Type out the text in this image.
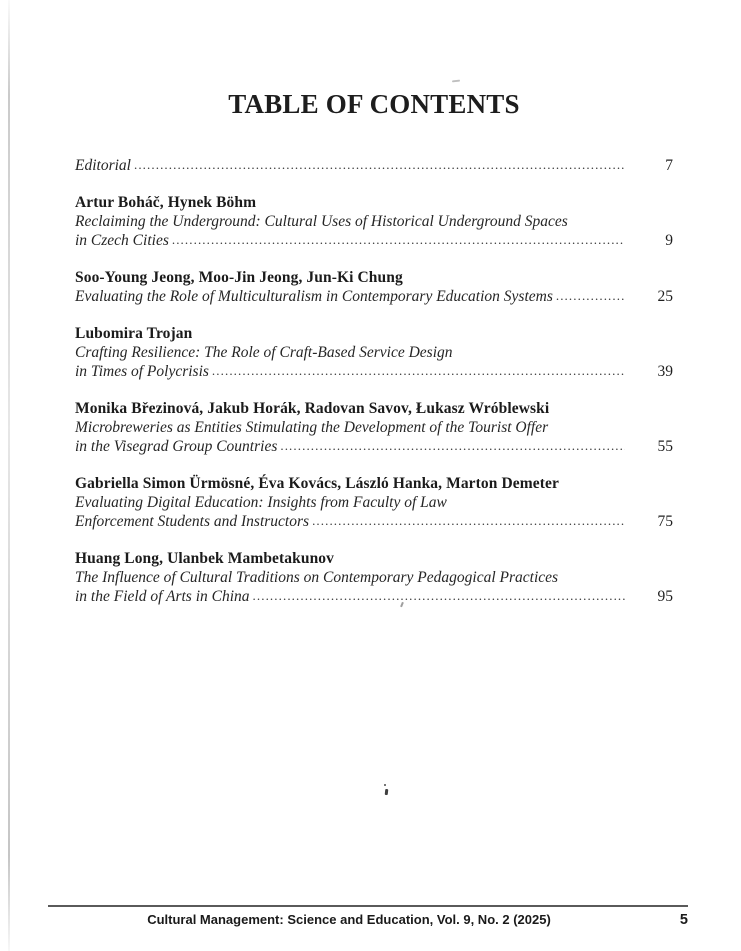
TABLE OF CONTENTS
Editorial .....	7
Artur Boháč, Hynek Böhm
Reclaiming the Underground: Cultural Uses of Historical Underground Spaces
in Czech Cities .....	9
Soo-Young Jeong, Moo-Jin Jeong, Jun-Ki Chung
Evaluating the Role of Multiculturalism in Contemporary Education Systems .....	25
Lubomira Trojan
Crafting Resilience: The Role of Craft-Based Service Design
in Times of Polycrisis .....	39
Monika Březinová, Jakub Horák, Radovan Savov, Łukasz Wróblewski
Microbreweries as Entities Stimulating the Development of the Tourist Offer
in the Visegrad Group Countries .....	55
Gabriella Simon Ürmösné, Éva Kovács, László Hanka, Marton Demeter
Evaluating Digital Education: Insights from Faculty of Law
Enforcement Students and Instructors .....	75
Huang Long, Ulanbek Mambetakunov
The Influence of Cultural Traditions on Contemporary Pedagogical Practices
in the Field of Arts in China .....	95
Cultural Management: Science and Education, Vol. 9, No. 2 (2025)	5
